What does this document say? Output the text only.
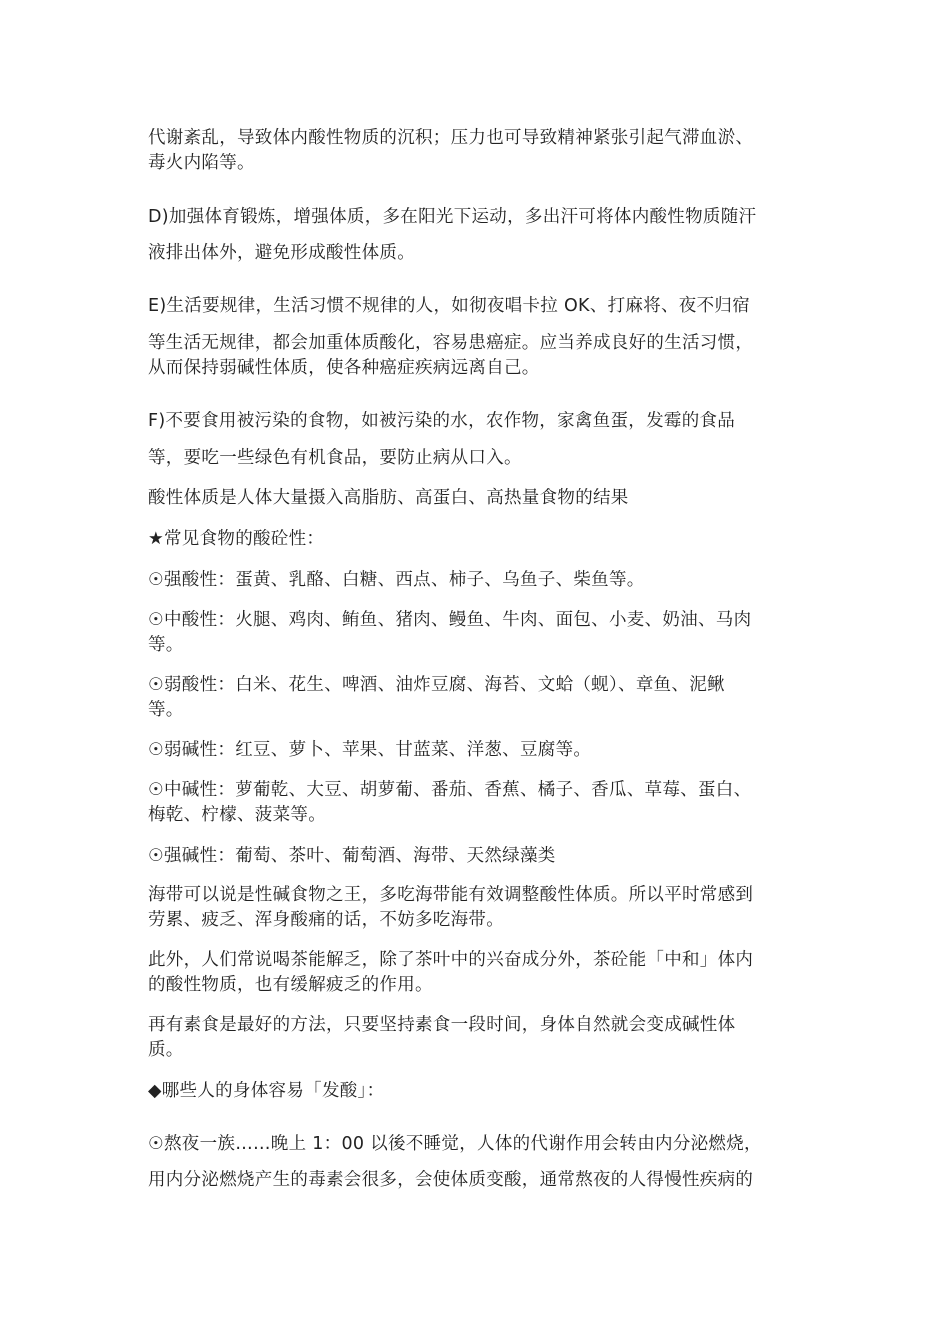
代谢紊乱，导致体内酸性物质的沉积；压力也可导致精神紧张引起气滞血淤、
毒火内陷等。
D)加强体育锻炼，增强体质，多在阳光下运动，多出汗可将体内酸性物质随汗
液排出体外，避免形成酸性体质。
E)生活要规律，生活习惯不规律的人，如彻夜唱卡拉 OK、打麻将、夜不归宿
等生活无规律，都会加重体质酸化，容易患癌症。应当养成良好的生活习惯，
从而保持弱碱性体质，使各种癌症疾病远离自己。
F)不要食用被污染的食物，如被污染的水，农作物，家禽鱼蛋，发霉的食品
等，要吃一些绿色有机食品，要防止病从口入。
酸性体质是人体大量摄入高脂肪、高蛋白、高热量食物的结果
★常见食物的酸砼性：
☉强酸性：蛋黄、乳酪、白糖、西点、柿子、乌鱼子、柴鱼等。
☉中酸性：火腿、鸡肉、鲔鱼、猪肉、鳗鱼、牛肉、面包、小麦、奶油、马肉
等。
☉弱酸性：白米、花生、啤酒、油炸豆腐、海苔、文蛤（蚬）、章鱼、泥鳅
等。
☉弱碱性：红豆、萝卜、苹果、甘蓝菜、洋葱、豆腐等。
☉中碱性：萝葡乾、大豆、胡萝葡、番茄、香蕉、橘子、香瓜、草莓、蛋白、
梅乾、柠檬、菠菜等。
☉强碱性：葡萄、茶叶、葡萄酒、海带、天然绿藻类
海带可以说是性碱食物之王，多吃海带能有效调整酸性体质。所以平时常感到
劳累、疲乏、浑身酸痛的话，不妨多吃海带。
此外，人们常说喝茶能解乏，除了茶叶中的兴奋成分外，茶砼能「中和」体内
的酸性物质，也有缓解疲乏的作用。
再有素食是最好的方法，只要坚持素食一段时间，身体自然就会变成碱性体
质。
◆哪些人的身体容易「发酸」：
☉熬夜一族……晚上 1：00 以後不睡觉，人体的代谢作用会转由内分泌燃烧，
用内分泌燃烧产生的毒素会很多，会使体质变酸，通常熬夜的人得慢性疾病的
